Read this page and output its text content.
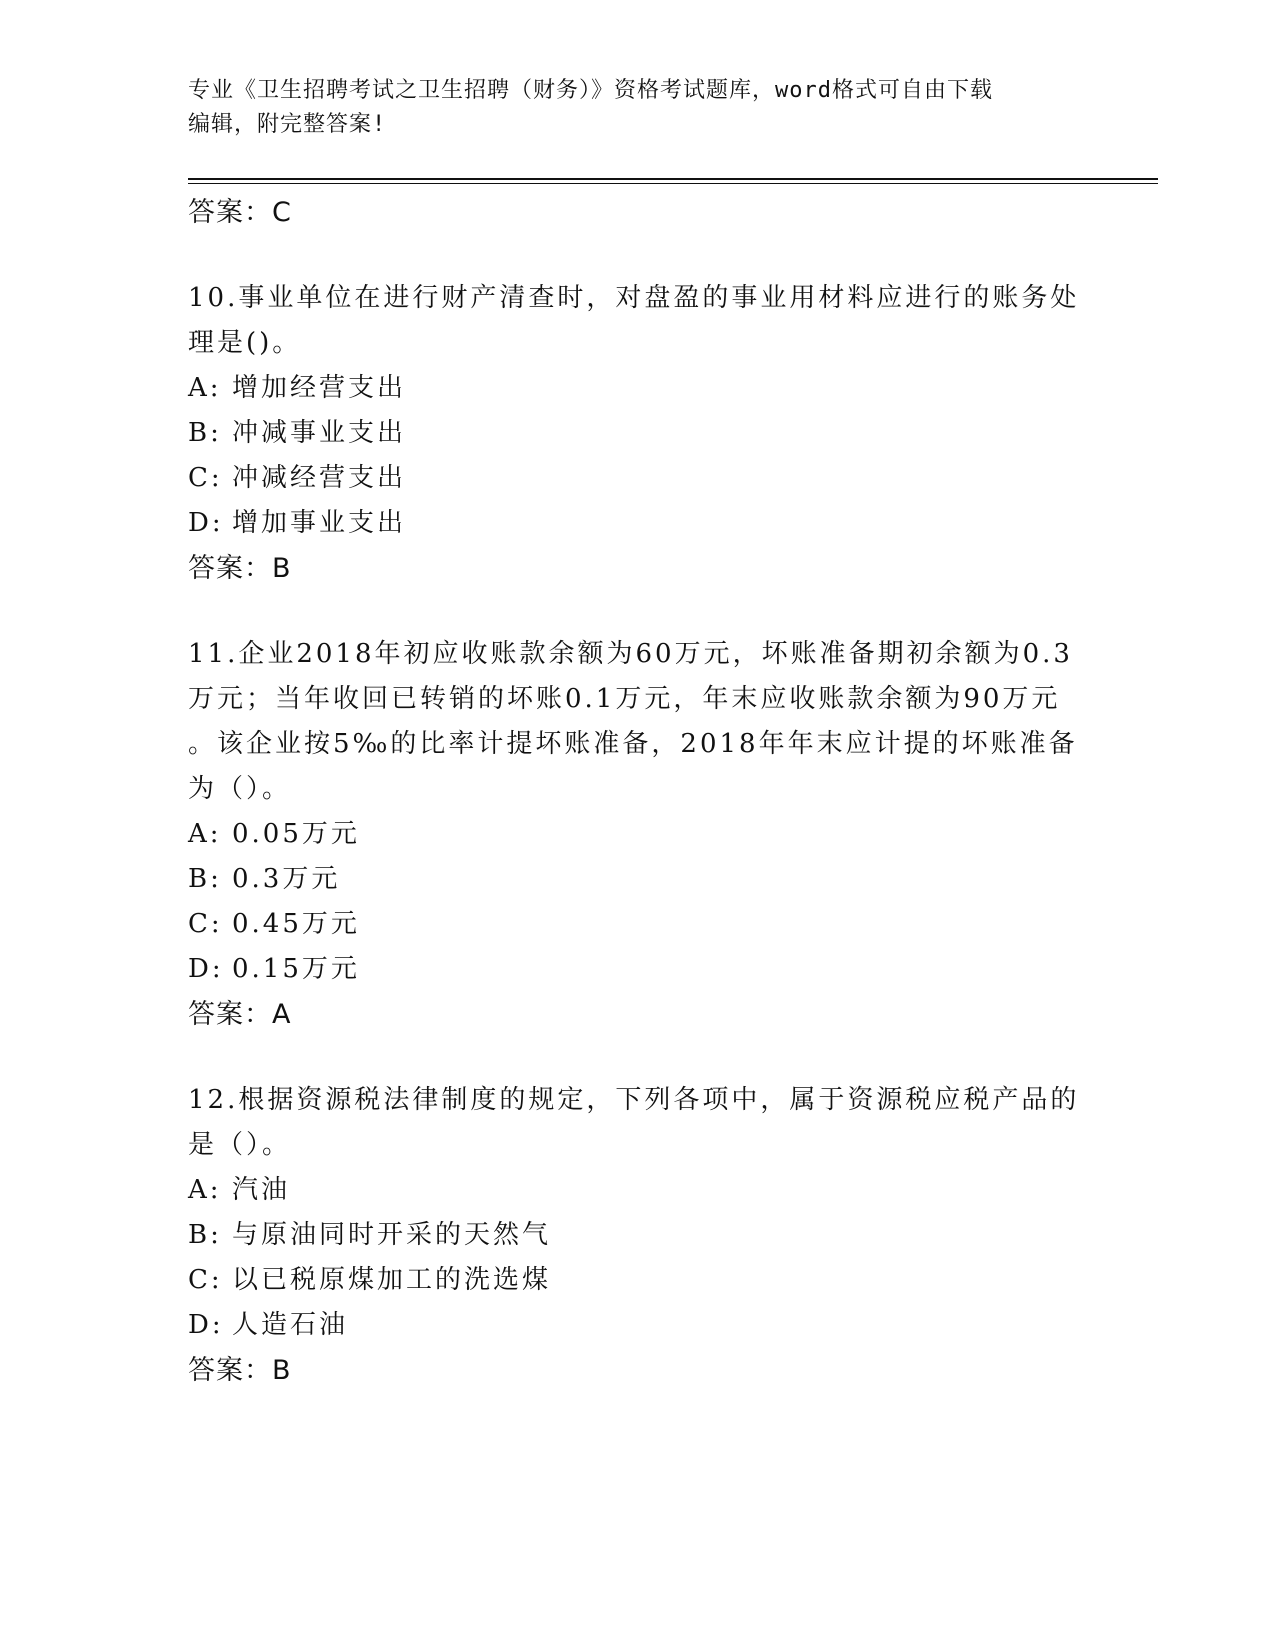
专业《卫生招聘考试之卫生招聘（财务）》资格考试题库，word格式可自由下载
编辑，附完整答案!
答案：C
10.事业单位在进行财产清查时，对盘盈的事业用材料应进行的账务处
理是()。
A: 增加经营支出
B: 冲减事业支出
C: 冲减经营支出
D: 增加事业支出
答案：B
11.企业2018年初应收账款余额为60万元，坏账准备期初余额为0.3
万元；当年收回已转销的坏账0.1万元，年末应收账款余额为90万元
。该企业按5‰的比率计提坏账准备，2018年年末应计提的坏账准备
为（）。
A: 0.05万元
B: 0.3万元
C: 0.45万元
D: 0.15万元
答案：A
12.根据资源税法律制度的规定，下列各项中，属于资源税应税产品的
是（）。
A: 汽油
B: 与原油同时开采的天然气
C: 以已税原煤加工的洗选煤
D: 人造石油
答案：B
